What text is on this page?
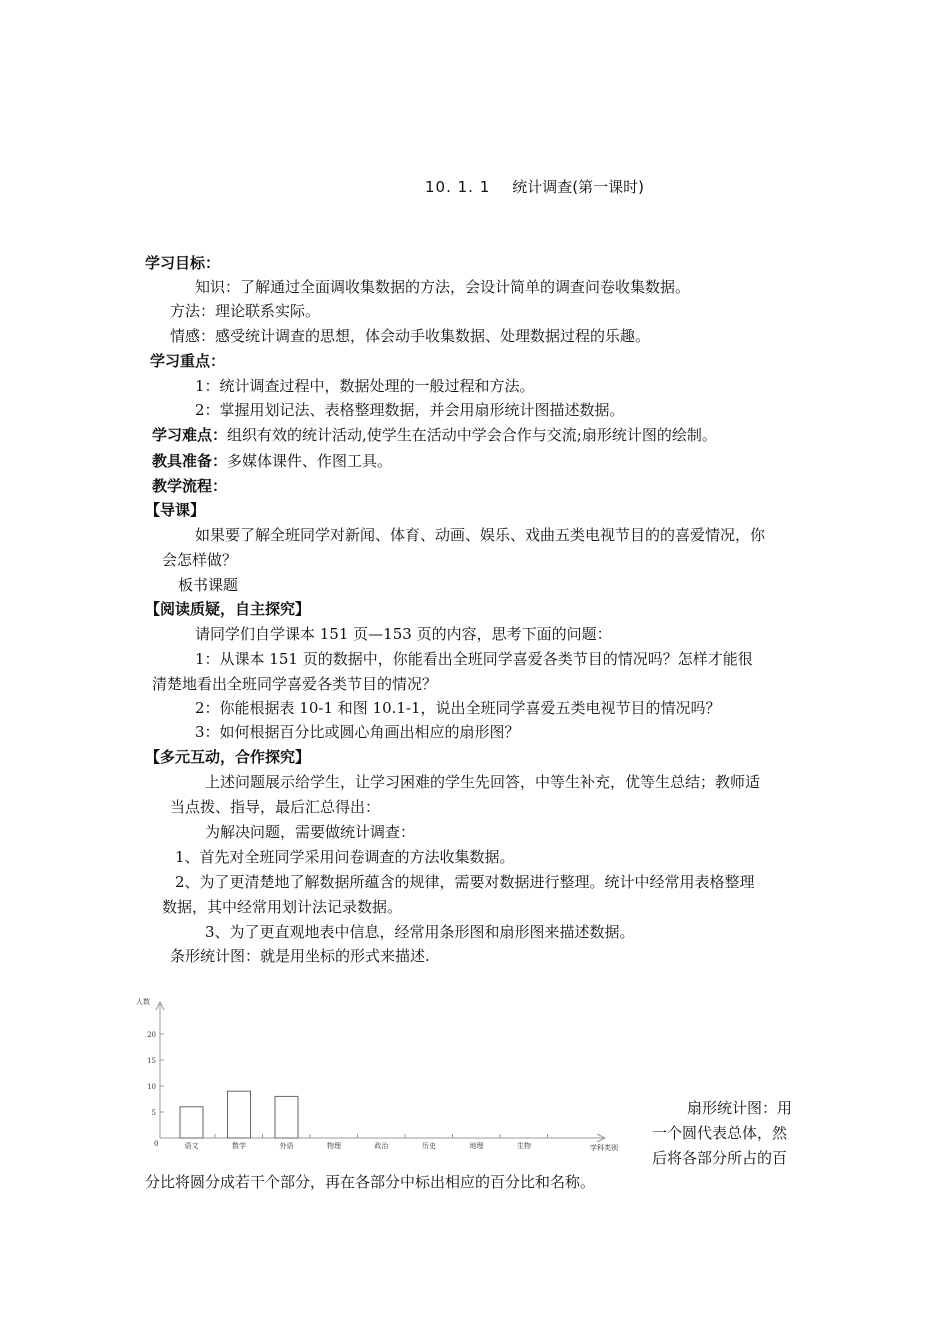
10. 1. 1 统计调查(第一课时)
学习目标：
知识：了解通过全面调收集数据的方法，会设计简单的调查问卷收集数据。
方法：理论联系实际。
情感：感受统计调查的思想，体会动手收集数据、处理数据过程的乐趣。
学习重点：
1：统计调查过程中，数据处理的一般过程和方法。
2：掌握用划记法、表格整理数据，并会用扇形统计图描述数据。
学习难点：组织有效的统计活动,使学生在活动中学会合作与交流;扇形统计图的绘制。
教具准备：多媒体课件、作图工具。
教学流程：
【导课】
如果要了解全班同学对新闻、体育、动画、娱乐、戏曲五类电视节目的的喜爱情况，你
会怎样做？
板书课题
【阅读质疑，自主探究】
请同学们自学课本 151 页—153 页的内容，思考下面的问题：
1：从课本 151 页的数据中，你能看出全班同学喜爱各类节目的情况吗？怎样才能很
清楚地看出全班同学喜爱各类节目的情况？
2：你能根据表 10-1 和图 10.1-1，说出全班同学喜爱五类电视节目的情况吗？
3：如何根据百分比或圆心角画出相应的扇形图？
【多元互动，合作探究】
上述问题展示给学生，让学习困难的学生先回答，中等生补充，优等生总结；教师适
当点拨、指导，最后汇总得出：
为解决问题，需要做统计调查：
1、首先对全班同学采用问卷调查的方法收集数据。
2、为了更清楚地了解数据所蕴含的规律，需要对数据进行整理。统计中经常用表格整理
数据，其中经常用划计法记录数据。
3、为了更直观地表中信息，经常用条形图和扇形图来描述数据。
条形统计图：就是用坐标的形式来描述.
人数
学科类别
0
5
10
15
20
语文	数学	外语	物理	政治	历史	地理	生物
扇形统计图：用
一个圆代表总体，然
后将各部分所占的百
分比将圆分成若干个部分，再在各部分中标出相应的百分比和名称。
